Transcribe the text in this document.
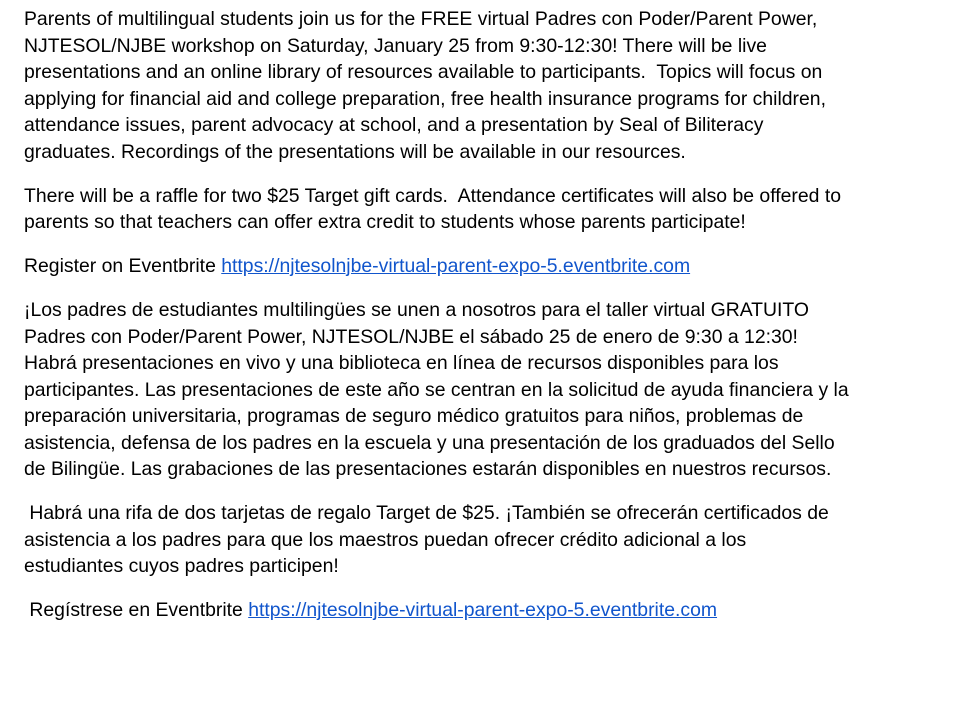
Parents of multilingual students join us for the FREE virtual Padres con Poder/Parent Power,
NJTESOL/NJBE workshop on Saturday, January 25 from 9:30-12:30! There will be live
presentations and an online library of resources available to participants.  Topics will focus on
applying for financial aid and college preparation, free health insurance programs for children,
attendance issues, parent advocacy at school, and a presentation by Seal of Biliteracy
graduates. Recordings of the presentations will be available in our resources.

There will be a raffle for two $25 Target gift cards.  Attendance certificates will also be offered to
parents so that teachers can offer extra credit to students whose parents participate!

Register on Eventbrite https://njtesolnjbe-virtual-parent-expo-5.eventbrite.com

¡Los padres de estudiantes multilingües se unen a nosotros para el taller virtual GRATUITO
Padres con Poder/Parent Power, NJTESOL/NJBE el sábado 25 de enero de 9:30 a 12:30!
Habrá presentaciones en vivo y una biblioteca en línea de recursos disponibles para los
participantes. Las presentaciones de este año se centran en la solicitud de ayuda financiera y la
preparación universitaria, programas de seguro médico gratuitos para niños, problemas de
asistencia, defensa de los padres en la escuela y una presentación de los graduados del Sello
de Bilingüe. Las grabaciones de las presentaciones estarán disponibles en nuestros recursos.

Habrá una rifa de dos tarjetas de regalo Target de $25. ¡También se ofrecerán certificados de
asistencia a los padres para que los maestros puedan ofrecer crédito adicional a los
estudiantes cuyos padres participen!

Regístrese en Eventbrite https://njtesolnjbe-virtual-parent-expo-5.eventbrite.com
